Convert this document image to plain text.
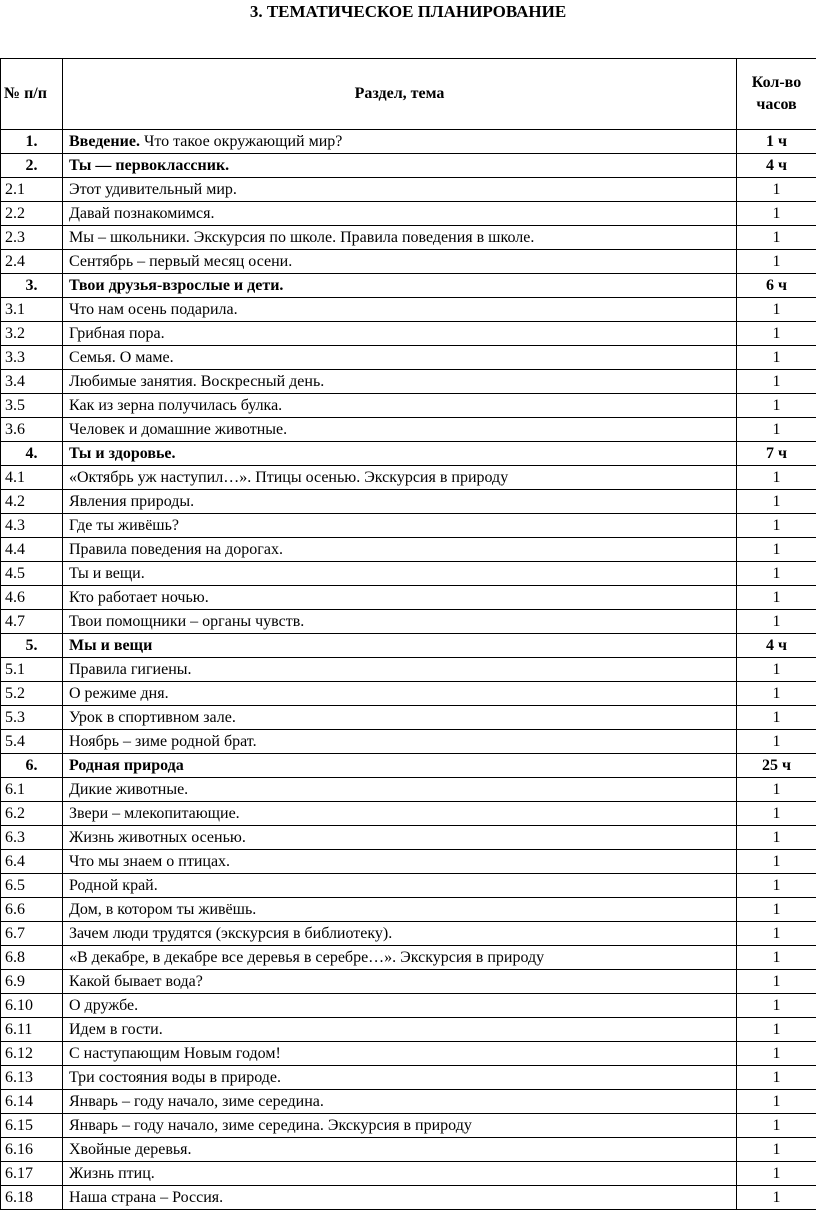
3. ТЕМАТИЧЕСКОЕ ПЛАНИРОВАНИЕ
№ п/п	Раздел, тема	Кол-во часов
1.	Введение. Что такое окружающий мир?	1 ч
2.	Ты — первоклассник.	4 ч
2.1	Этот удивительный мир.	1
2.2	Давай познакомимся.	1
2.3	Мы – школьники. Экскурсия по школе. Правила поведения в школе.	1
2.4	Сентябрь – первый месяц осени.	1
3.	Твои друзья-взрослые и дети.	6 ч
3.1	Что нам осень подарила.	1
3.2	Грибная пора.	1
3.3	Семья. О маме.	1
3.4	Любимые занятия. Воскресный день.	1
3.5	Как из зерна получилась булка.	1
3.6	Человек и домашние животные.	1
4.	Ты и здоровье.	7 ч
4.1	«Октябрь уж наступил…». Птицы осенью. Экскурсия в природу	1
4.2	Явления природы.	1
4.3	Где ты живёшь?	1
4.4	Правила поведения на дорогах.	1
4.5	Ты и вещи.	1
4.6	Кто работает ночью.	1
4.7	Твои помощники – органы чувств.	1
5.	Мы и вещи	4 ч
5.1	Правила гигиены.	1
5.2	О режиме дня.	1
5.3	Урок в спортивном зале.	1
5.4	Ноябрь – зиме родной брат.	1
6.	Родная природа	25 ч
6.1	Дикие животные.	1
6.2	Звери – млекопитающие.	1
6.3	Жизнь животных осенью.	1
6.4	Что мы знаем о птицах.	1
6.5	Родной край.	1
6.6	Дом, в котором ты живёшь.	1
6.7	Зачем люди трудятся (экскурсия в библиотеку).	1
6.8	«В декабре, в декабре все деревья в серебре…». Экскурсия в природу	1
6.9	Какой бывает вода?	1
6.10	О дружбе.	1
6.11	Идем в гости.	1
6.12	С наступающим Новым годом!	1
6.13	Три состояния воды в природе.	1
6.14	Январь – году начало, зиме середина.	1
6.15	Январь – году начало, зиме середина. Экскурсия в природу	1
6.16	Хвойные деревья.	1
6.17	Жизнь птиц.	1
6.18	Наша страна – Россия.	1
